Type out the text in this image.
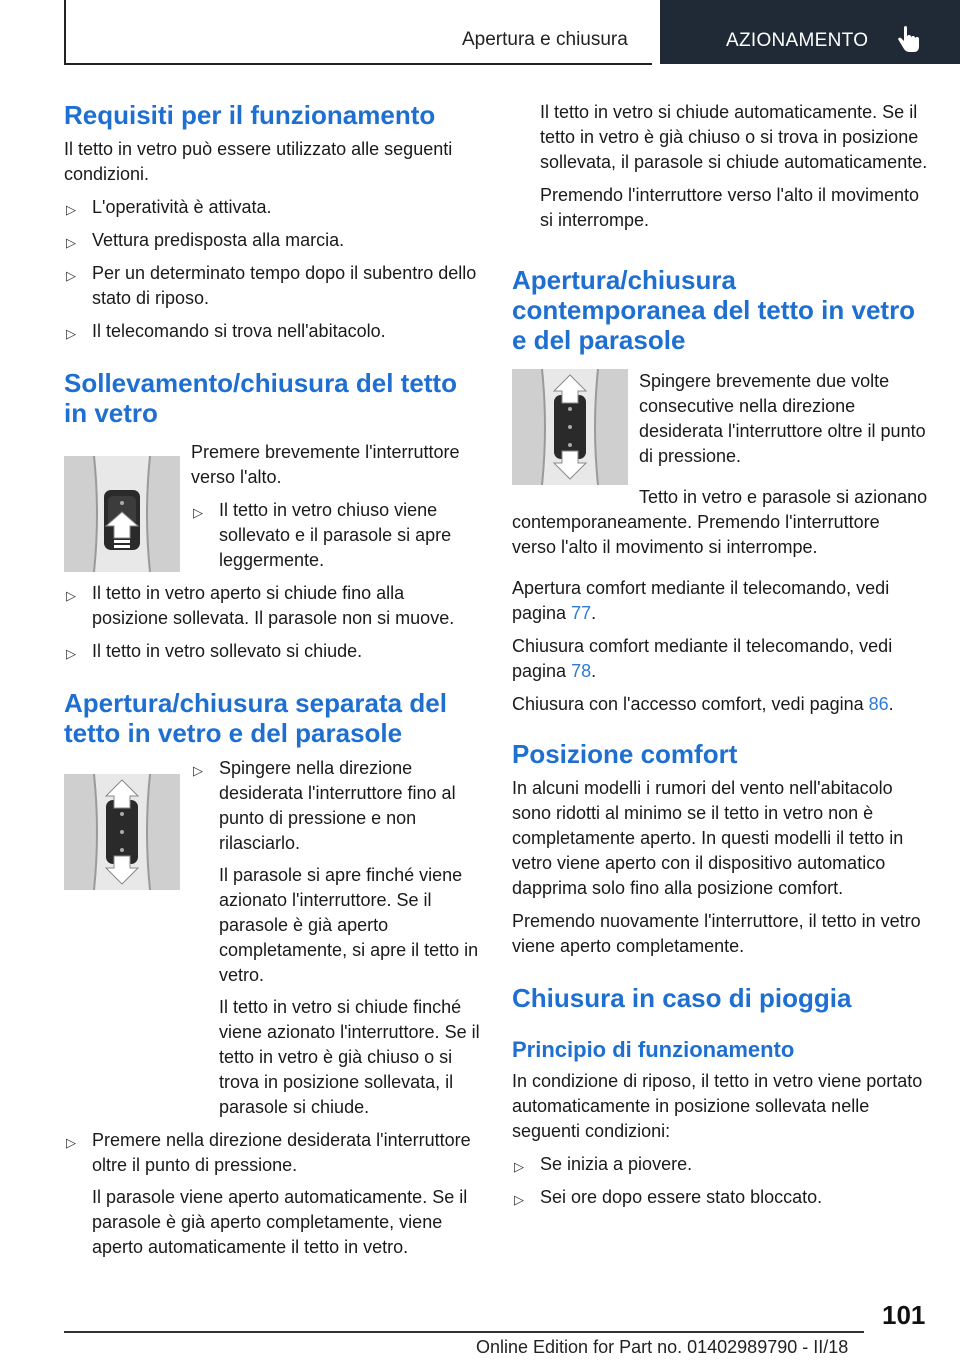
Apertura e chiusura	AZIONAMENTO
Requisiti per il funzionamento

Il tetto in vetro può essere utilizzato alle seguenti condizioni.

▷
L'operatività è attivata.
▷
Vettura predisposta alla marcia.
▷
Per un determinato tempo dopo il subentro dello stato di riposo.
▷
Il telecomando si trova nell'abitacolo.
Sollevamento/chiusura del tetto in vetro

Premere brevemente l'interruttore verso l'alto.

▷
Il tetto in vetro chiuso viene sollevato e il parasole si apre leggermente.
▷
Il tetto in vetro aperto si chiude fino alla posizione sollevata. Il parasole non si muove.
▷
Il tetto in vetro sollevato si chiude.
Apertura/chiusura separata del tetto in vetro e del parasole
▷
Spingere nella direzione desiderata l'interruttore fino al punto di pressione e non rilasciarlo.

Il parasole si apre finché viene azionato l'interruttore. Se il parasole è già aperto completamente, si apre il tetto in vetro.

Il tetto in vetro si chiude finché viene azionato l'interruttore. Se il tetto in vetro è già chiuso o si trova in posizione sollevata, il parasole si chiude.

▷
Premere nella direzione desiderata l'interruttore oltre il punto di pressione.

Il parasole viene aperto automaticamente. Se il parasole è già aperto completamente, viene aperto automaticamente il tetto in vetro.

Il tetto in vetro si chiude automaticamente. Se il tetto in vetro è già chiuso o si trova in posizione sollevata, il parasole si chiude automaticamente.

Premendo l'interruttore verso l'alto il movimento si interrompe.

Apertura/chiusura contemporanea del tetto in vetro e del parasole

Spingere brevemente due volte consecutive nella direzione desiderata l'interruttore oltre il punto di pressione.

Tetto in vetro e parasole si azionano contemporaneamente. Premendo l'interruttore verso l'alto il movimento si interrompe.

Apertura comfort mediante il telecomando, vedi pagina 77.

Chiusura comfort mediante il telecomando, vedi pagina 78.

Chiusura con l'accesso comfort, vedi pagina 86.

Posizione comfort

In alcuni modelli i rumori del vento nell'abitacolo sono ridotti al minimo se il tetto in vetro non è completamente aperto. In questi modelli il tetto in vetro viene aperto con il dispositivo automatico dapprima solo fino alla posizione comfort.

Premendo nuovamente l'interruttore, il tetto in vetro viene aperto completamente.

Chiusura in caso di pioggia
Principio di funzionamento

In condizione di riposo, il tetto in vetro viene portato automaticamente in posizione sollevata nelle seguenti condizioni:

▷
Se inizia a piovere.
▷
Sei ore dopo essere stato bloccato.
101
Online Edition for Part no. 01402989790 - II/18
